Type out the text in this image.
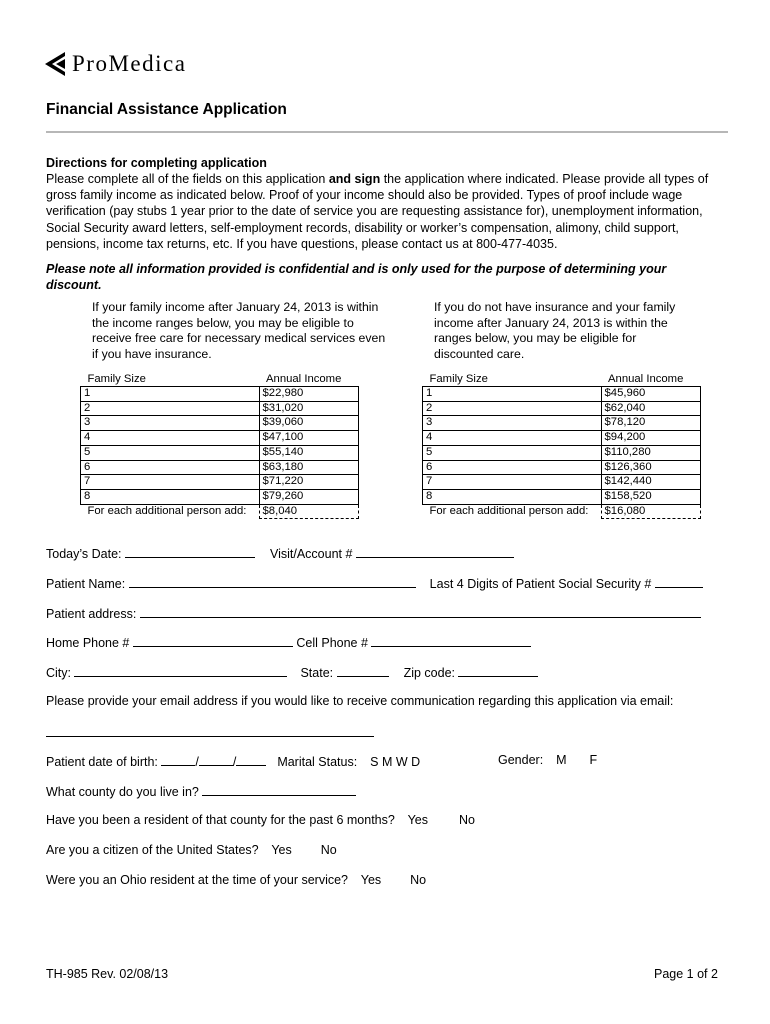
ProMedica
Financial Assistance Application
Directions for completing application
Please complete all of the fields on this application and sign the application where indicated. Please provide all types of gross family income as indicated below. Proof of your income should also be provided. Types of proof include wage verification (pay stubs 1 year prior to the date of service you are requesting assistance for), unemployment information, Social Security award letters, self-employment records, disability or worker’s compensation, alimony, child support, pensions, income tax returns, etc. If you have questions, please contact us at 800-477-4035.
Please note all information provided is confidential and is only used for the purpose of determining your discount.
If your family income after January 24, 2013 is within the income ranges below, you may be eligible to receive free care for necessary medical services even if you have insurance.
If you do not have insurance and your family income after January 24, 2013 is within the ranges below, you may be eligible for discounted care.
Family Size	Annual Income
1	$22,980
2	$31,020
3	$39,060
4	$47,100
5	$55,140
6	$63,180
7	$71,220
8	$79,260
For each additional person add:	$8,040
Family Size	Annual Income
1	$45,960
2	$62,040
3	$78,120
4	$94,200
5	$110,280
6	$126,360
7	$142,440
8	$158,520
For each additional person add:	$16,080
Today’s Date:	Visit/Account #
Patient Name:	Last 4 Digits of Patient Social Security #
Patient address:
Home Phone #	Cell Phone #
City:	State:	Zip code:
Please provide your email address if you would like to receive communication regarding this application via email:
Patient date of birth:	/	/	Marital Status: S M W D	Gender: M F
What county do you live in?
Have you been a resident of that county for the past 6 months? Yes No
Are you a citizen of the United States? Yes No
Were you an Ohio resident at the time of your service? Yes No
TH-985 Rev. 02/08/13	Page 1 of 2
